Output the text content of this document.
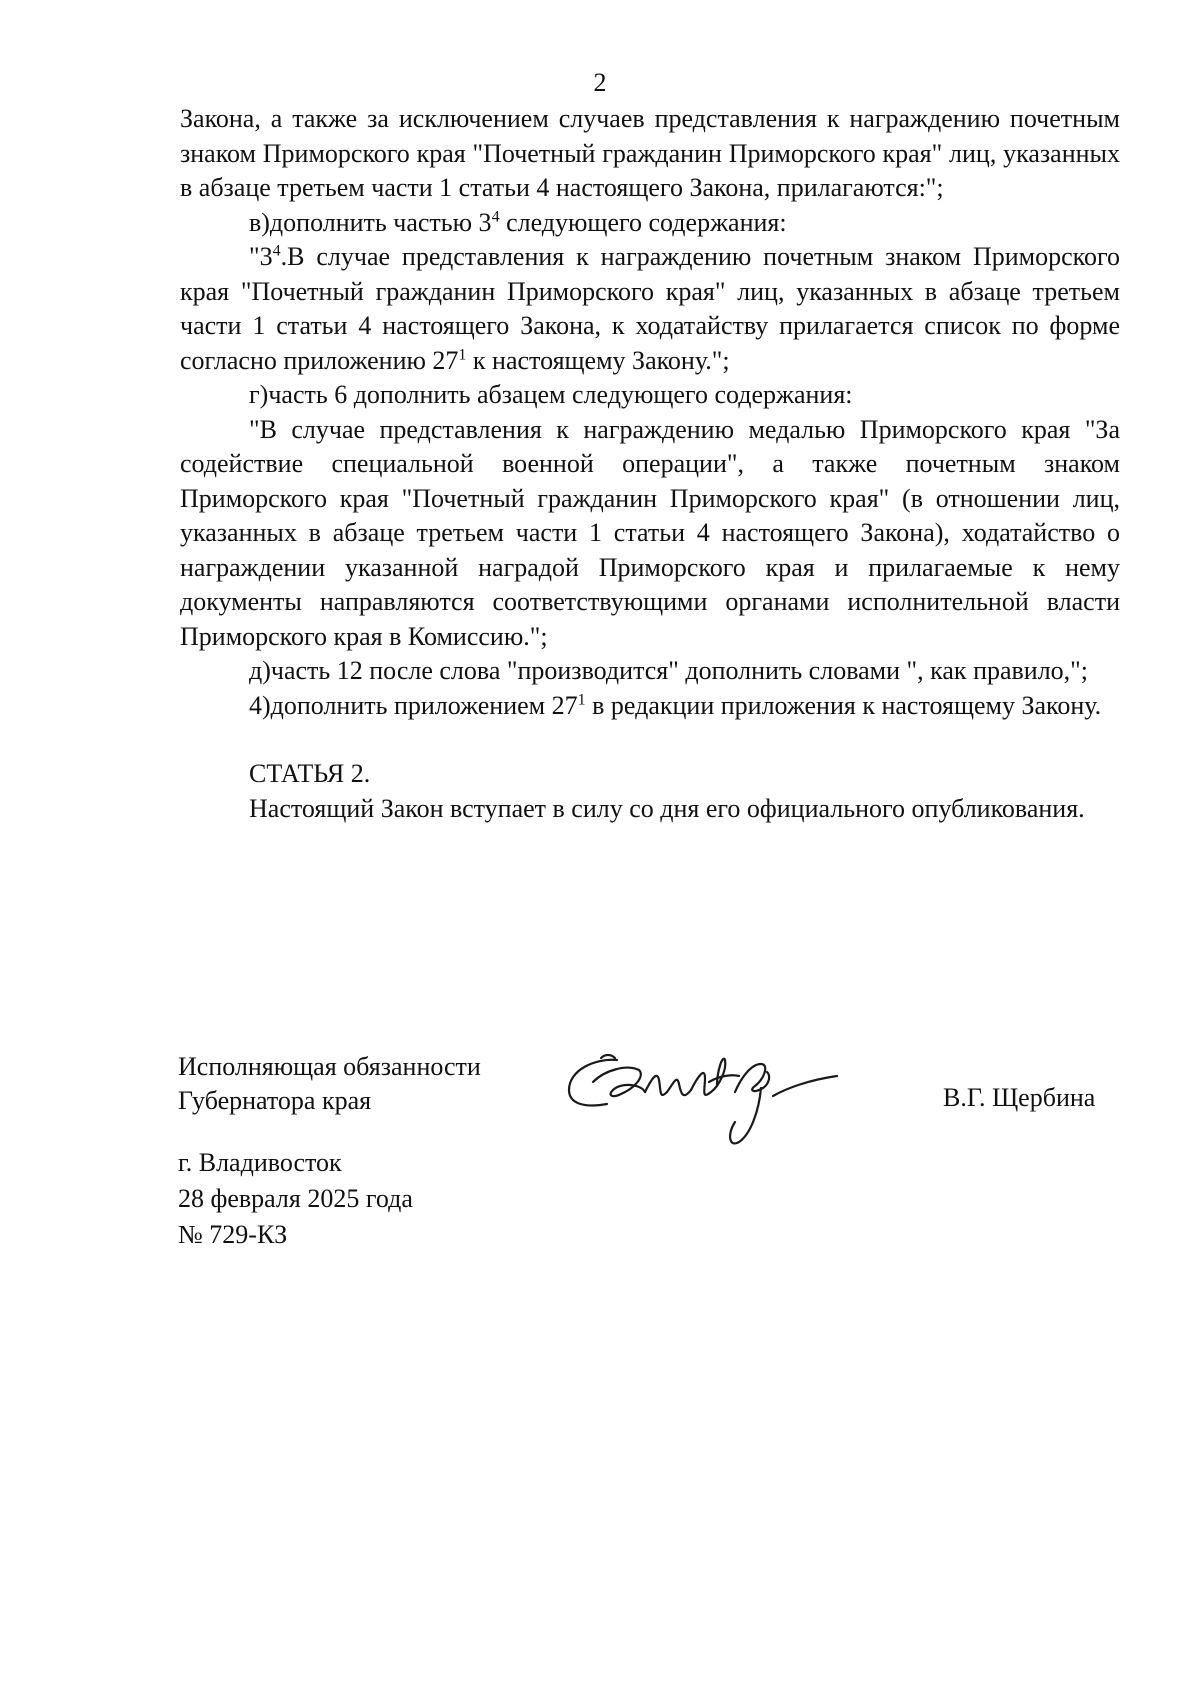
2

Закона, а также за исключением случаев представления к награждению почетным знаком Приморского края "Почетный гражданин Приморского края" лиц, указанных в абзаце третьем части 1 статьи 4 настоящего Закона, прилагаются:";

в)дополнить частью $3^4$ следующего содержания:

"$3^4.В$ случае представления к награждению почетным знаком Приморского края "Почетный гражданин Приморского края" лиц, указанных в абзаце третьем части 1 статьи 4 настоящего Закона, к ходатайству прилагается список по форме согласно приложению $27^1$ к настоящему Закону.";

г)часть 6 дополнить абзацем следующего содержания:

"В случае представления к награждению медалью Приморского края "За содействие специальной военной операции", а также почетным знаком Приморского края "Почетный гражданин Приморского края" (в отношении лиц, указанных в абзаце третьем части 1 статьи 4 настоящего Закона), ходатайство о награждении указанной наградой Приморского края и прилагаемые к нему документы направляются соответствующими органами исполнительной власти Приморского края в Комиссию.";

д)часть 12 после слова "производится" дополнить словами ", как правило,";

4)дополнить приложением $27^1$ в редакции приложения к настоящему Закону.

СТАТЬЯ 2.

Настоящий Закон вступает в силу со дня его официального опубликования.

Исполняющая обязанности
Губернатора края	В.Г. Щербина
г. Владивосток
28 февраля 2025 года
№ 729-КЗ
